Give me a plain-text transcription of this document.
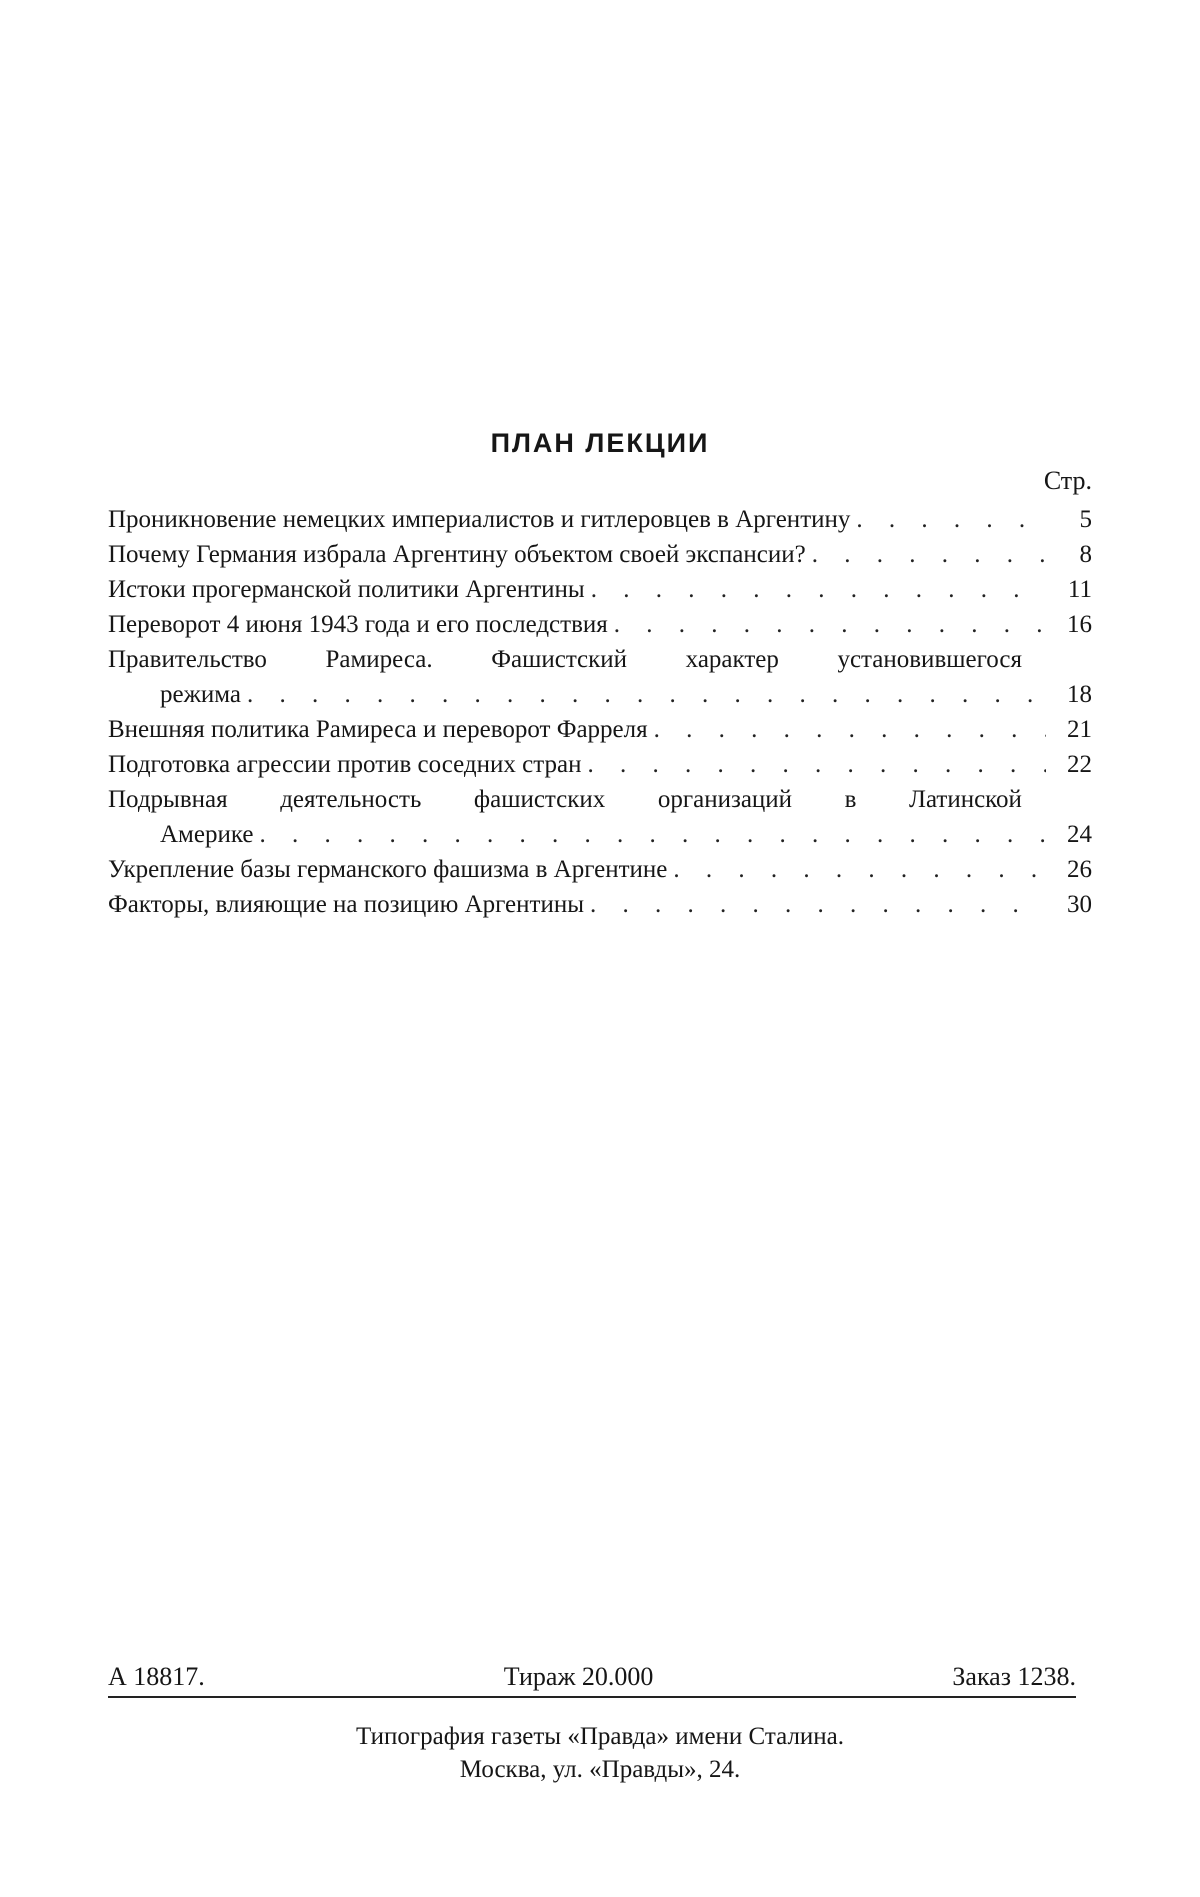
ПЛАН ЛЕКЦИИ
Стр.
Проникновение немецких империалистов и гитлеровцев в Аргентину . . .	5
Почему Германия избрала Аргентину объектом своей экспансии? . . .	8
Истоки прогерманской политики Аргентины . . .	11
Переворот 4 июня 1943 года и его последствия . . .	16
Правительство Рамиреса. Фашистский характер установившегося
режима . . .	18
Внешняя политика Рамиреса и переворот Фарреля . . .	21
Подготовка агрессии против соседних стран . . .	22
Подрывная деятельность фашистских организаций в Латинской
Америке . . .	24
Укрепление базы германского фашизма в Аргентине . . .	26
Факторы, влияющие на позицию Аргентины . . .	30
А 18817.	Тираж 20.000	Заказ 1238.
Типография газеты «Правда» имени Сталина.
Москва, ул. «Правды», 24.
